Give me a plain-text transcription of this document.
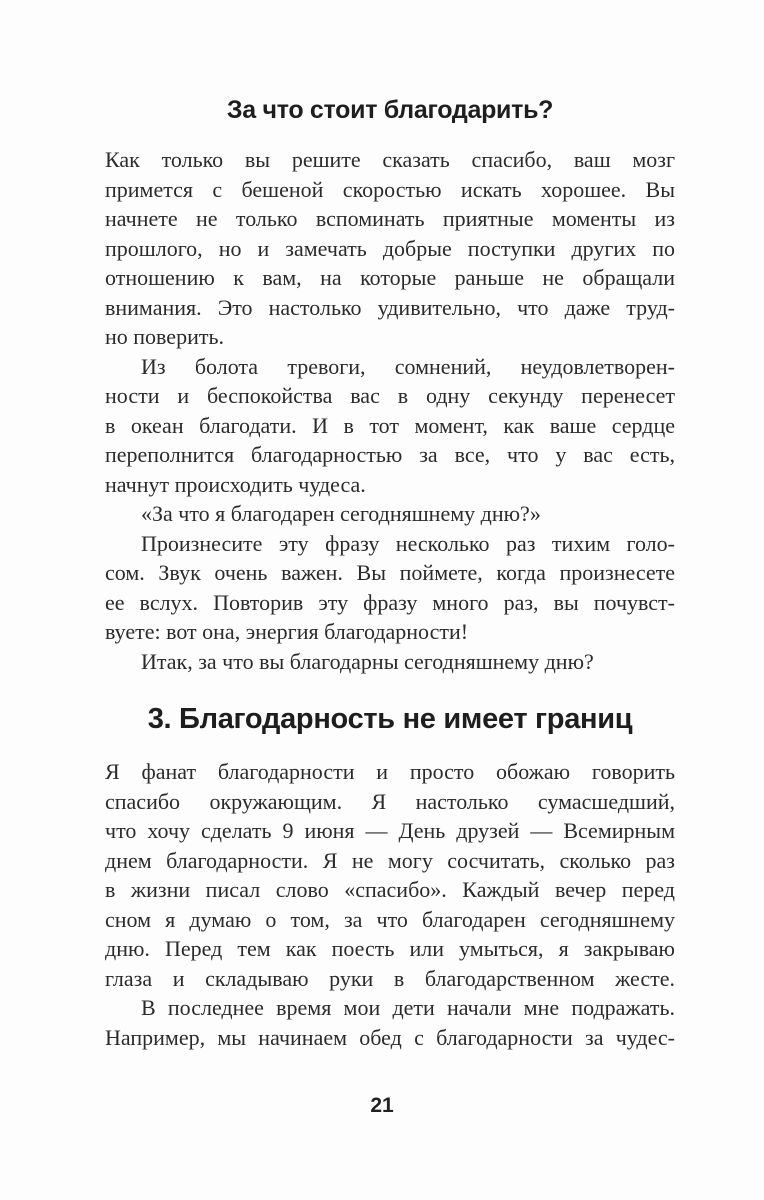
За что стоит благодарить?
Как только вы решите сказать спасибо, ваш мозг
примется с бешеной скоростью искать хорошее. Вы
начнете не только вспоминать приятные моменты из
прошлого, но и замечать добрые поступки других по
отношению к вам, на которые раньше не обращали
внимания. Это настолько удивительно, что даже труд-
но поверить.
Из болота тревоги, сомнений, неудовлетворен-
ности и беспокойства вас в одну секунду перенесет
в океан благодати. И в тот момент, как ваше сердце
переполнится благодарностью за все, что у вас есть,
начнут происходить чудеса.
«За что я благодарен сегодняшнему дню?»
Произнесите эту фразу несколько раз тихим голо-
сом. Звук очень важен. Вы поймете, когда произнесете
ее вслух. Повторив эту фразу много раз, вы почувст-
вуете: вот она, энергия благодарности!
Итак, за что вы благодарны сегодняшнему дню?
3. Благодарность не имеет границ
Я фанат благодарности и просто обожаю говорить
спасибо окружающим. Я настолько сумасшедший,
что хочу сделать 9 июня — День друзей — Всемирным
днем благодарности. Я не могу сосчитать, сколько раз
в жизни писал слово «спасибо». Каждый вечер перед
сном я думаю о том, за что благодарен сегодняшнему
дню. Перед тем как поесть или умыться, я закрываю
глаза и складываю руки в благодарственном жесте.
В последнее время мои дети начали мне подражать.
Например, мы начинаем обед с благодарности за чудес-
21
